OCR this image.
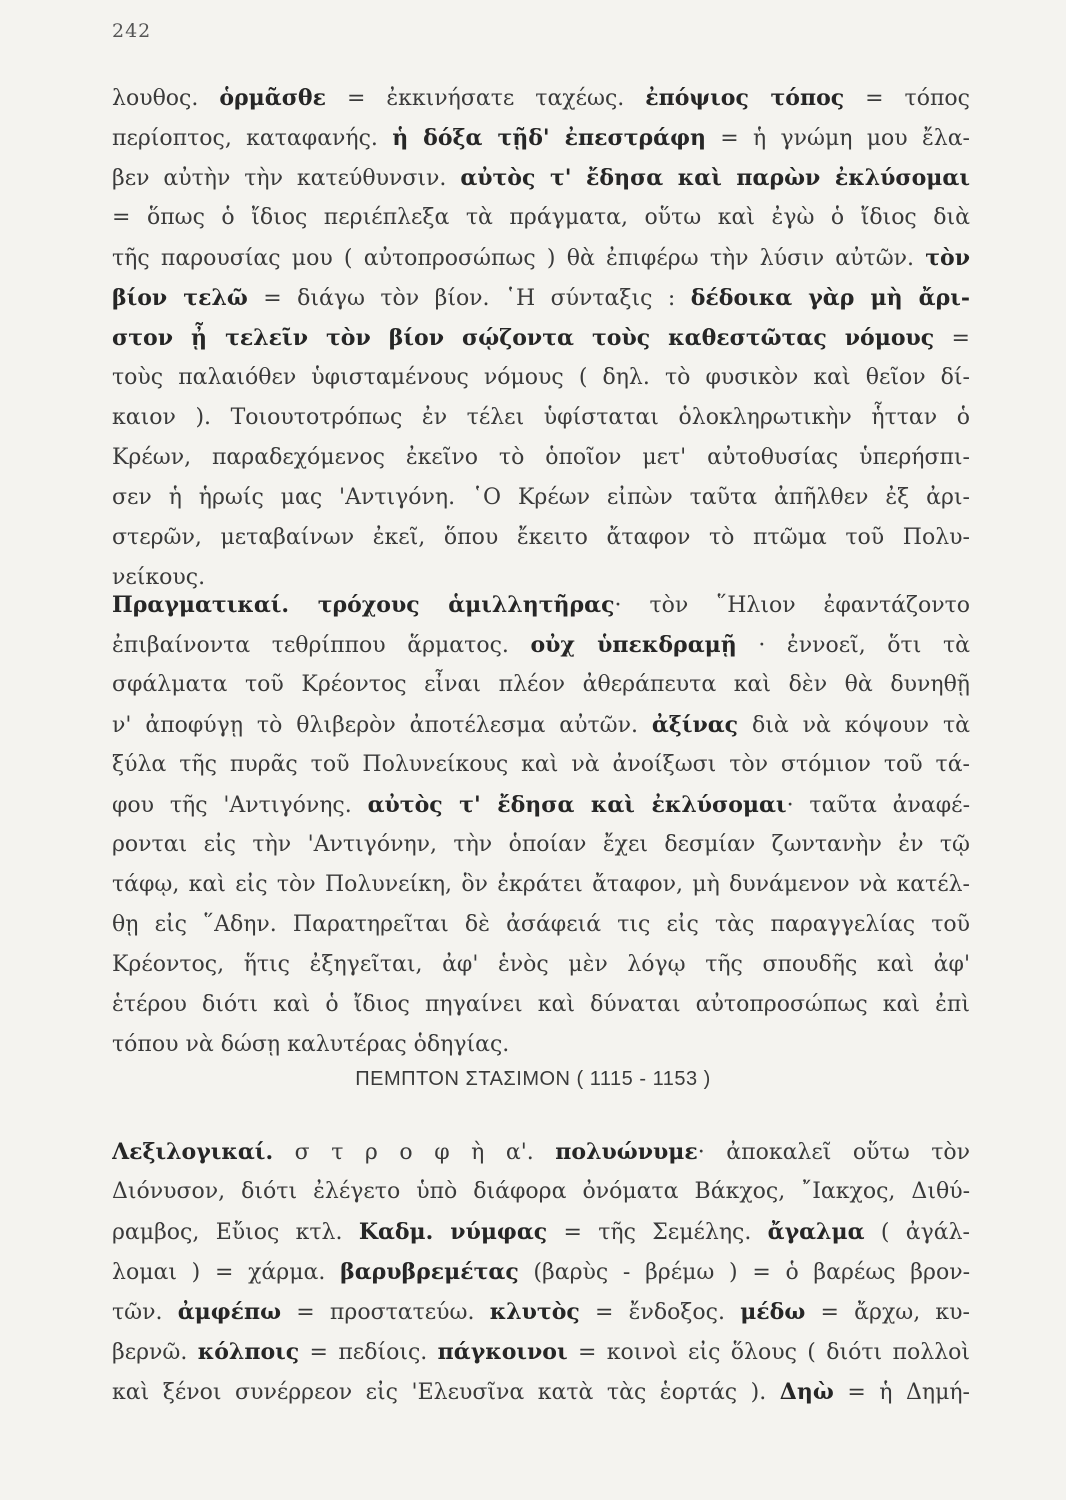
242
λουθος. ὁρμᾶσθε = ἐκκινήσατε ταχέως. ἐπόψιος τόπος = τόπος
περίοπτος, καταφανής. ἡ δόξα τῇδ' ἐπεστράφη = ἡ γνώμη μου ἔλα-
βεν αὐτὴν τὴν κατεύθυνσιν. αὐτὸς τ' ἔδησα καὶ παρὼν ἐκλύσομαι
= ὅπως ὁ ἴδιος περιέπλεξα τὰ πράγματα, οὕτω καὶ ἐγὼ ὁ ἴδιος διὰ
τῆς παρουσίας μου ( αὐτοπροσώπως ) θὰ ἐπιφέρω τὴν λύσιν αὐτῶν. τὸν
βίον τελῶ = διάγω τὸν βίον. ῾Η σύνταξις : δέδοικα γὰρ μὴ ἄρι-
στον ᾖ τελεῖν τὸν βίον σῴζοντα τοὺς καθεστῶτας νόμους =
τοὺς παλαιόθεν ὑφισταμένους νόμους ( δηλ. τὸ φυσικὸν καὶ θεῖον δί-
καιον ). Τοιουτοτρόπως ἐν τέλει ὑφίσταται ὁλοκληρωτικὴν ἧτταν ὁ
Κρέων, παραδεχόμενος ἐκεῖνο τὸ ὁποῖον μετ' αὐτοθυσίας ὑπερήσπι-
σεν ἡ ἡρωίς μας 'Αντιγόνη. ῾Ο Κρέων εἰπὼν ταῦτα ἀπῆλθεν ἐξ ἀρι-
στερῶν, μεταβαίνων ἐκεῖ, ὅπου ἔκειτο ἄταφον τὸ πτῶμα τοῦ Πολυ-
νείκους.
Πραγματικαί. τρόχους ἁμιλλητῆρας· τὸν ῞Ηλιον ἐφαντάζοντο
ἐπιβαίνοντα τεθρίππου ἅρματος. οὐχ ὑπεκδραμῇ · ἐννοεῖ, ὅτι τὰ
σφάλματα τοῦ Κρέοντος εἶναι πλέον ἀθεράπευτα καὶ δὲν θὰ δυνηθῇ
ν' ἀποφύγῃ τὸ θλιβερὸν ἀποτέλεσμα αὐτῶν. ἀξίνας διὰ νὰ κόψουν τὰ
ξύλα τῆς πυρᾶς τοῦ Πολυνείκους καὶ νὰ ἀνοίξωσι τὸν στόμιον τοῦ τά-
φου τῆς 'Αντιγόνης. αὐτὸς τ' ἔδησα καὶ ἐκλύσομαι· ταῦτα ἀναφέ-
ρονται εἰς τὴν 'Αντιγόνην, τὴν ὁποίαν ἔχει δεσμίαν ζωντανὴν ἐν τῷ
τάφῳ, καὶ εἰς τὸν Πολυνείκη, ὃν ἐκράτει ἄταφον, μὴ δυνάμενον νὰ κατέλ-
θῃ εἰς ῞Αδην. Παρατηρεῖται δὲ ἀσάφειά τις εἰς τὰς παραγγελίας τοῦ
Κρέοντος, ἥτις ἐξηγεῖται, ἀφ' ἑνὸς μὲν λόγῳ τῆς σπουδῆς καὶ ἀφ'
ἑτέρου διότι καὶ ὁ ἴδιος πηγαίνει καὶ δύναται αὐτοπροσώπως καὶ ἐπὶ
τόπου νὰ δώσῃ καλυτέρας ὁδηγίας.
ΠΕΜΠΤΟΝ ΣΤΑΣΙΜΟΝ ( 1115 - 1153 )
Λεξιλογικαί. σ τ ρ ο φ ὴ α'. πολυώνυμε· ἀποκαλεῖ οὕτω τὸν
Διόνυσον, διότι ἐλέγετο ὑπὸ διάφορα ὀνόματα Βάκχος, ῎Ιακχος, Διθύ-
ραμβος, Εὔιος κτλ. Καδμ. νύμφας = τῆς Σεμέλης. ἄγαλμα ( ἀγάλ-
λομαι ) = χάρμα. βαρυβρεμέτας (βαρὺς - βρέμω ) = ὁ βαρέως βρον-
τῶν. ἀμφέπω = προστατεύω. κλυτὸς = ἔνδοξος. μέδω = ἄρχω, κυ-
βερνῶ. κόλποις = πεδίοις. πάγκοινοι = κοινοὶ εἰς ὅλους ( διότι πολλοὶ
καὶ ξένοι συνέρρεον εἰς 'Ελευσῖνα κατὰ τὰς ἑορτάς ). Δηὼ = ἡ Δημή-
